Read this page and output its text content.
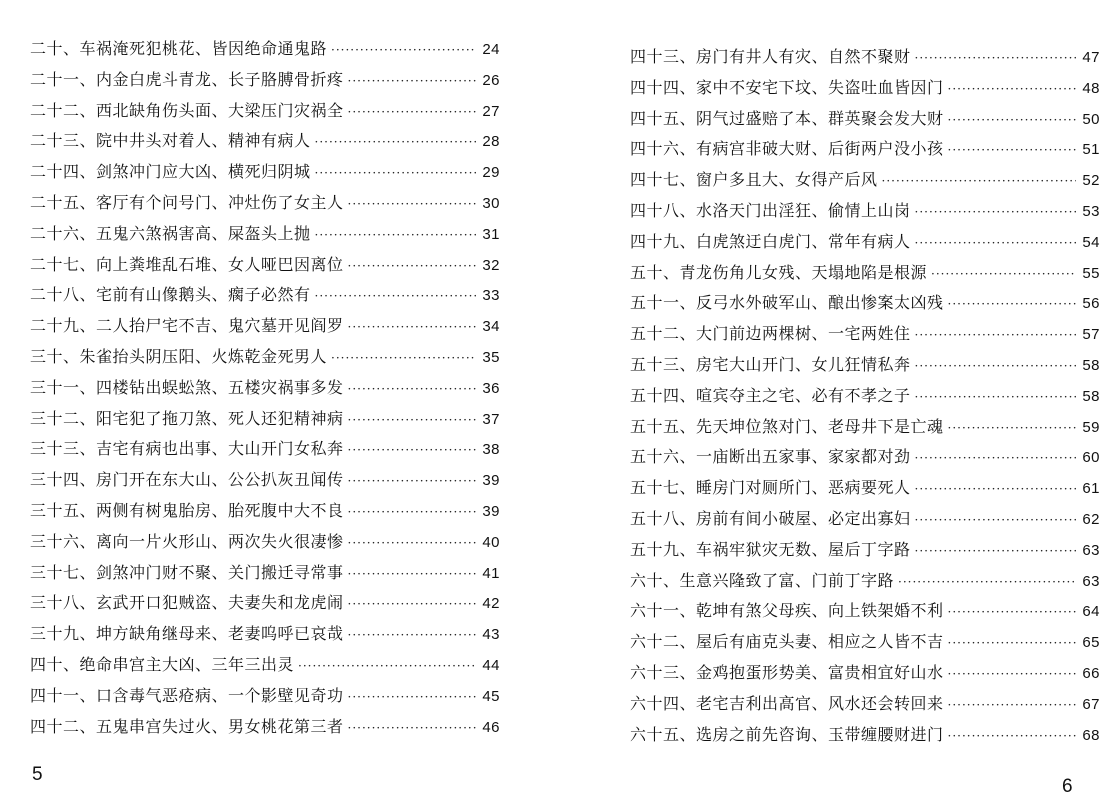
二十 、 车祸淹死犯桃花、皆因绝命通鬼路 ·····	24
二十一 、 内金白虎斗青龙、长子胳膊骨折疼 ·····	26
二十二 、 西北缺角伤头面、大梁压门灾祸全 ·····	27
二十三 、 院中井头对着人、精神有病人 ·····	28
二十四 、 剑煞冲门应大凶、横死归阴城 ·····	29
二十五 、 客厅有个问号门、冲灶伤了女主人 ·····	30
二十六 、 五鬼六煞祸害高、屎盔头上抛 ·····	31
二十七 、 向上粪堆乱石堆、女人哑巴因离位 ·····	32
二十八 、 宅前有山像鹅头、瘸子必然有 ·····	33
二十九 、 二人抬尸宅不吉、鬼穴墓开见阎罗 ·····	34
三十 、 朱雀抬头阴压阳、火炼乾金死男人 ·····	35
三十一 、 四楼钻出蜈蚣煞、五楼灾祸事多发 ·····	36
三十二 、 阳宅犯了拖刀煞、死人还犯精神病 ·····	37
三十三 、 吉宅有病也出事、大山开门女私奔 ·····	38
三十四 、 房门开在东大山、公公扒灰丑闻传 ·····	39
三十五 、 两侧有树鬼胎房、胎死腹中大不良 ·····	39
三十六 、 离向一片火形山、两次失火很凄惨 ·····	40
三十七 、 剑煞冲门财不聚、关门搬迁寻常事 ·····	41
三十八 、 玄武开口犯贼盗、夫妻失和龙虎闹 ·····	42
三十九 、 坤方缺角继母来、老妻呜呼已哀哉 ·····	43
四十 、 绝命串宫主大凶、三年三出灵 ·····	44
四十一 、 口含毒气恶疮病、一个影壁见奇功 ·····	45
四十二 、 五鬼串宫失过火、男女桃花第三者 ·····	46
5
四十三 、 房门有井人有灾、自然不聚财 ·····	47
四十四 、 家中不安宅下坟、失盗吐血皆因门 ·····	48
四十五 、 阴气过盛赔了本、群英聚会发大财 ·····	50
四十六 、 有病宫非破大财、后街两户没小孩 ·····	51
四十七 、 窗户多且大、女得产后风 ·····	52
四十八 、 水洛天门出淫狂、偷情上山岗 ·····	53
四十九 、 白虎煞迂白虎门、常年有病人 ·····	54
五十 、 青龙伤角儿女残、天塌地陷是根源 ·····	55
五十一 、 反弓水外破军山、酿出惨案太凶残 ·····	56
五十二 、 大门前边两棵树、一宅两姓住 ·····	57
五十三 、 房宅大山开门、女儿狂情私奔 ·····	58
五十四 、 喧宾夺主之宅、必有不孝之子 ·····	58
五十五 、 先天坤位煞对门、老母井下是亡魂 ·····	59
五十六 、 一庙断出五家事、家家都对劲 ·····	60
五十七 、 睡房门对厕所门、恶病要死人 ·····	61
五十八 、 房前有间小破屋、必定出寡妇 ·····	62
五十九 、 车祸牢狱灾无数、屋后丁字路 ·····	63
六十 、 生意兴隆致了富、门前丁字路 ·····	63
六十一 、 乾坤有煞父母疾、向上铁架婚不利 ·····	64
六十二 、 屋后有庙克头妻、相应之人皆不吉 ·····	65
六十三 、 金鸡抱蛋形势美、富贵相宜好山水 ·····	66
六十四 、 老宅吉利出高官、风水还会转回来 ·····	67
六十五 、 选房之前先咨询、玉带缠腰财进门 ·····	68
6
